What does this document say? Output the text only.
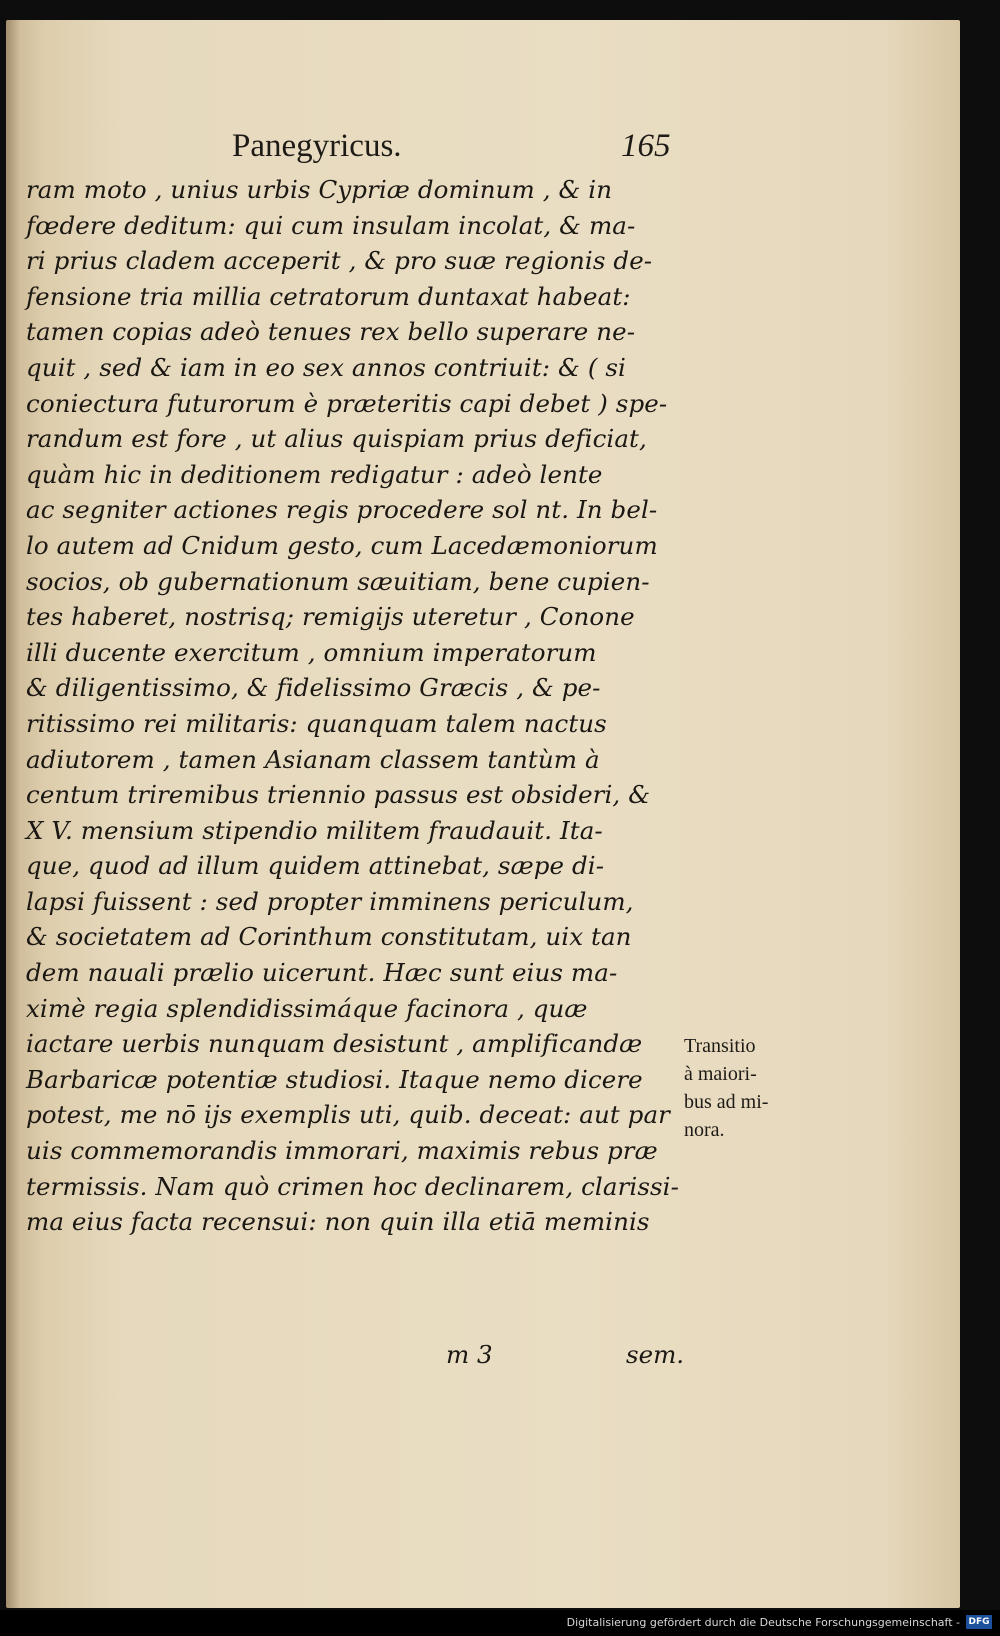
Panegyricus.	165
ram moto , unius urbis Cypriæ dominum , & in
fœdere deditum: qui cum insulam incolat, & ma-
ri prius cladem acceperit , & pro suæ regionis de-
fensione tria millia cetratorum duntaxat habeat:
tamen copias adeò tenues rex bello superare ne-
quit , sed & iam in eo sex annos contriuit: & ( si
coniectura futurorum è præteritis capi debet ) spe-
randum est fore , ut alius quispiam prius deficiat,
quàm hic in deditionem redigatur : adeò lente
ac segniter actiones regis procedere sol nt. In bel-
lo autem ad Cnidum gesto, cum Lacedæmoniorum
socios, ob gubernationum sæuitiam, bene cupien-
tes haberet, nostrisq; remigijs uteretur , Conone
illi ducente exercitum , omnium imperatorum
& diligentissimo, & fidelissimo Græcis , & pe-
ritissimo rei militaris: quanquam talem nactus
adiutorem , tamen Asianam classem tantùm à
centum triremibus triennio passus est obsideri, &
X V. mensium stipendio militem fraudauit. Ita-
que, quod ad illum quidem attinebat, sæpe di-
lapsi fuissent : sed propter imminens periculum,
& societatem ad Corinthum constitutam, uix tan
dem nauali prælio uicerunt. Hæc sunt eius ma-
ximè regia splendidissimáque facinora , quæ
iactare uerbis nunquam desistunt , amplificandæ
Barbaricæ potentiæ studiosi. Itaque nemo dicere
potest, me nō ijs exemplis uti, quib. deceat: aut par
uis commemorandis immorari, maximis rebus præ
termissis. Nam quò crimen hoc declinarem, clarissi-
ma eius facta recensui: non quin illa etiā meminis
m 3	sem.
Transitio
à maiori-
bus ad mi-
nora.
Digitalisierung gefördert durch die Deutsche Forschungsgemeinschaft - DFG
